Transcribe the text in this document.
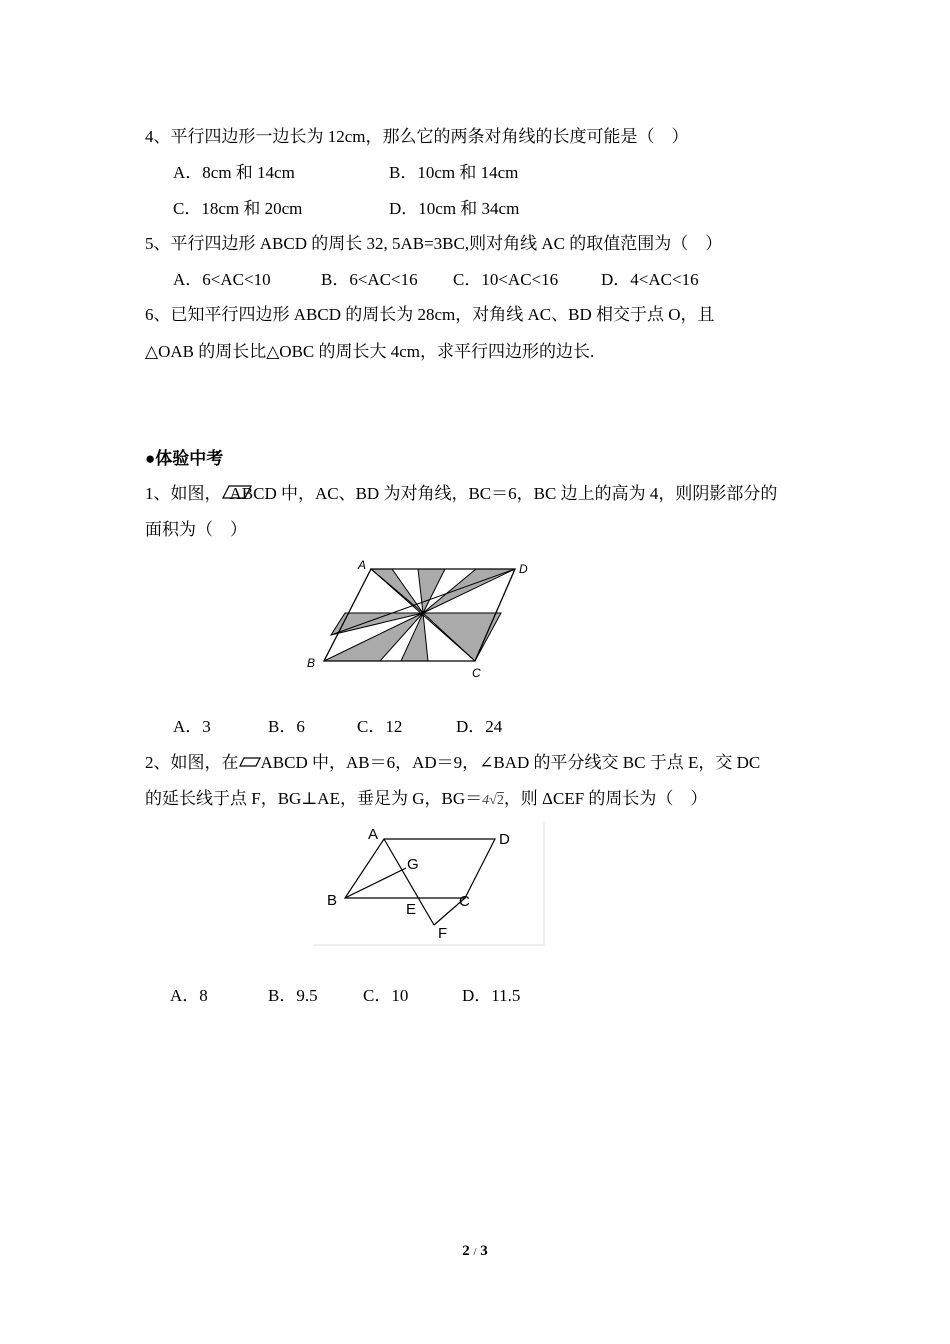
4、平行四边形一边长为 12cm，那么它的两条对角线的长度可能是（　）
A．8cm 和 14cm	B．10cm 和 14cm
C．18cm 和 20cm	D．10cm 和 34cm
5、平行四边形 ABCD 的周长 32, 5AB=3BC,则对角线 AC 的取值范围为（　）
A．6<AC<10	B．6<AC<16 C．10<AC<16	D．4<AC<16
6、已知平行四边形 ABCD 的周长为 28cm，对角线 AC、BD 相交于点 O，且
△OAB 的周长比△OBC 的周长大 4cm，求平行四边形的边长.
●体验中考
1、如图， ABCD 中，AC、BD 为对角线，BC＝6，BC 边上的高为 4，则阴影部分的
面积为（　）
A	D
B
C
A．3	B．6	C．12	D．24
2、如图，在 ABCD 中，AB＝6，AD＝9，∠BAD 的平分线交 BC 于点 E，交 DC
的延长线于点 F，BG⊥AE，垂足为 G，BG＝4√2，则 ΔCEF 的周长为（　）
A	D
G
B
E	C
F
A．8	B．9.5	C．10	D．11.5
2 / 3
